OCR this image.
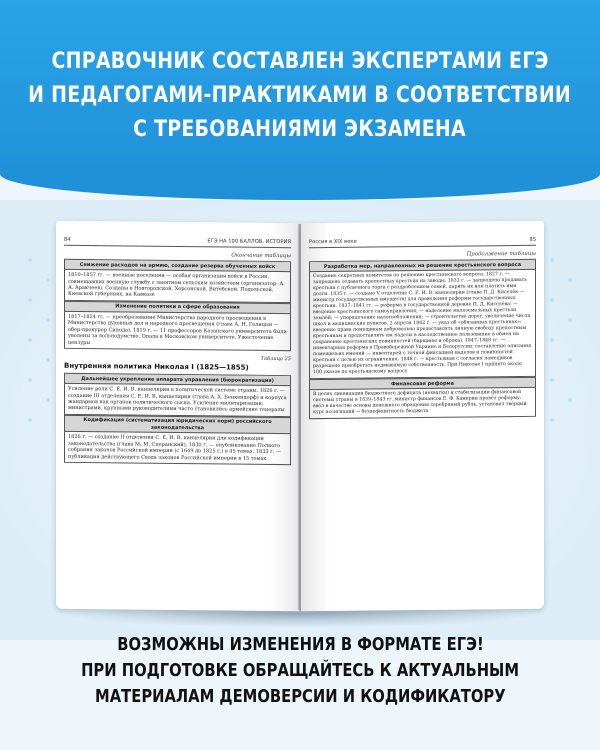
СПРАВОЧНИК СОСТАВЛЕН ЭКСПЕРТАМИ ЕГЭ
И ПЕДАГОГАМИ-ПРАКТИКАМИ В СООТВЕТСТВИИ
С ТРЕБОВАНИЯМИ ЭКЗАМЕНА
84	ЕГЭ НА 100 БАЛЛОВ. ИСТОРИЯ
Окончание таблицы
Снижение расходов на армию, создание резерва обученных войск
1810–1857 гг. — военные поселения — особая организация войск в России, совмещавших военную службу с занятием сельским хозяйством (организатор: А. А. Аракчеев). Созданы в Новгородской, Херсонской, Витебской, Подольской, Киевской губерниях, на Кавказе
Изменение политики в сфере образования
1817–1824 гг. — преобразование Министерства народного просвещения в Министерство духовных дел и народного просвещения (глава А. Н. Голицын — обер-прокурор Синода). 1819 г. — 11 профессоров Казанского университета были уволены за вольнодумство. Опала в Московском университете. Ужесточение цензуры
Таблица 25
Внутренняя политика Николая I (1825—1855)
Дальнейшее укрепление аппарата управления (бюрократизация)
Усиление роли С. Е. И. В. канцелярии в политической системе страны. 1826 г. — создание III отделения С. Е. И. В. канцелярии (глава А. Х. Бенкендорф) и корпуса жандармов как органов политического сыска. Усиление милитаризации: министрами, крупными руководителями часто становились армейские генералы
Кодификация (систематизация юридических норм) российского законодательства
1826 г. — создание II отделения С. Е. И. В. канцелярии для кодификации законодательства (глава М. М. Сперанский). 1830 г. — опубликование Полного собрания законов Российской империи (с 1649 до 1825 г.) в 45 томах. 1833 г. — публикация действующего Свода законов Российской империи в 15 томах
Россия в XIX веке	85
Продолжение таблицы
Разработка мер, направленных на решение крестьянского вопроса
Создание секретных комитетов по решению крестьянского вопроса. 1827 г. — запрещено отдавать крепостных крестьян на заводы. 1833 г. — запрещено продавать крестьян с публичного торга с раздроблением семей, дарить их или платить ими долги. 1835 г. — создано V отделение С. Е. И. В. канцелярии (глава П. Д. Киселёв — министр государственных имуществ) для проведения реформы государственных крестьян. 1837–1841 гг. — реформа в государственной деревне П. Д. Киселёва: — введение крестьянского самоуправления; — наделение малоземельных крестьян землёй; — упорядочение налогообложения; — строительство дорог, увеличение числа школ и медицинских пунктов. 2 апреля 1842 г. — указ об «обязанных крестьянах»: введение права помещикам добровольно предоставлять личную свободу крепостным крестьянам и предоставлять им наделы в наследственное пользование в обмен на сохранение крестьянских повинностей (барщины и оброка). 1847–1848 гг. — инвентарная реформа в Правобережной Украине и Белоруссии: составление описания помещичьих имений — инвентарей с точной фиксацией наделов и повинностей крестьян с целью их ограничения. 1848 г. — крестьянам с согласия помещиков разрешено приобретать недвижимую собственность. При Николае I принято около 100 указов по крестьянскому вопросу
Финансовая реформа
В целях ликвидации бюджетного дефицита (нехватки) и стабилизации финансовой системы страны в 1839–1843 гг. министр финансов Е. Ф. Канкрин провёл реформу: ввёл в качестве основы денежного обращения серебряный рубль, установил твёрдый курс ассигнаций → бездефицитность бюджета
ВОЗМОЖНЫ ИЗМЕНЕНИЯ В ФОРМАТЕ ЕГЭ!
ПРИ ПОДГОТОВКЕ ОБРАЩАЙТЕСЬ К АКТУАЛЬНЫМ
МАТЕРИАЛАМ ДЕМОВЕРСИИ И КОДИФИКАТОРУ
